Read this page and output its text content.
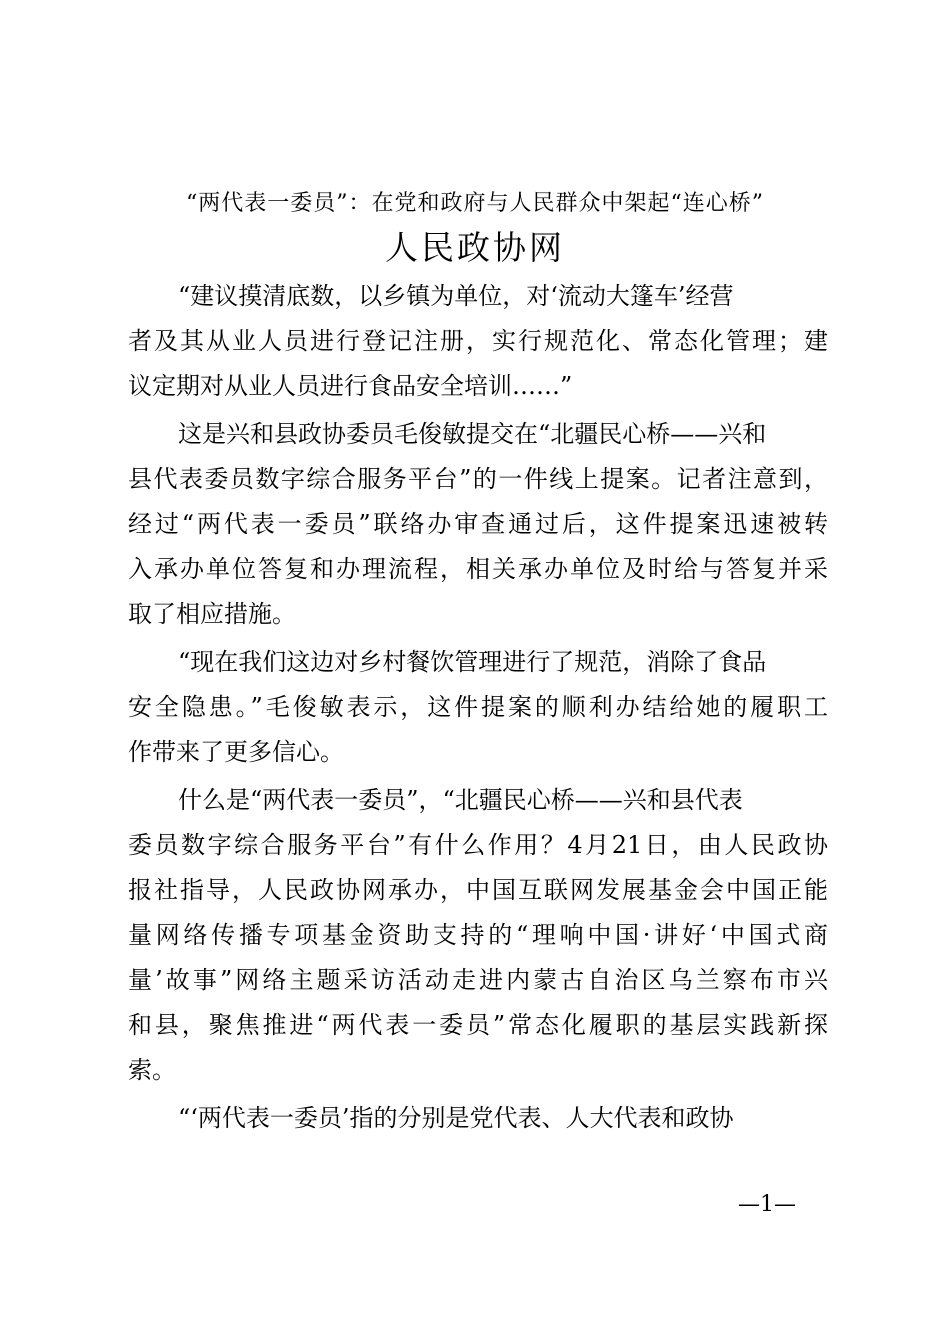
“两代表一委员”：在党和政府与人民群众中架起“连心桥”
人民政协网
“建议摸清底数，以乡镇为单位，对‘流动大篷车’经营
者及其从业人员进行登记注册，实行规范化、常态化管理；建
议定期对从业人员进行食品安全培训……”
这是兴和县政协委员毛俊敏提交在“北疆民心桥——兴和
县代表委员数字综合服务平台”的一件线上提案。记者注意到，
经过“两代表一委员”联络办审查通过后，这件提案迅速被转
入承办单位答复和办理流程，相关承办单位及时给与答复并采
取了相应措施。
“现在我们这边对乡村餐饮管理进行了规范，消除了食品
安全隐患。”毛俊敏表示，这件提案的顺利办结给她的履职工
作带来了更多信心。
什么是“两代表一委员”，“北疆民心桥——兴和县代表
委员数字综合服务平台”有什么作用？4月21日，由人民政协
报社指导，人民政协网承办，中国互联网发展基金会中国正能
量网络传播专项基金资助支持的“理响中国·讲好‘中国式商
量’故事”网络主题采访活动走进内蒙古自治区乌兰察布市兴
和县，聚焦推进“两代表一委员”常态化履职的基层实践新探
索。
“‘两代表一委员’指的分别是党代表、人大代表和政协
—1—
